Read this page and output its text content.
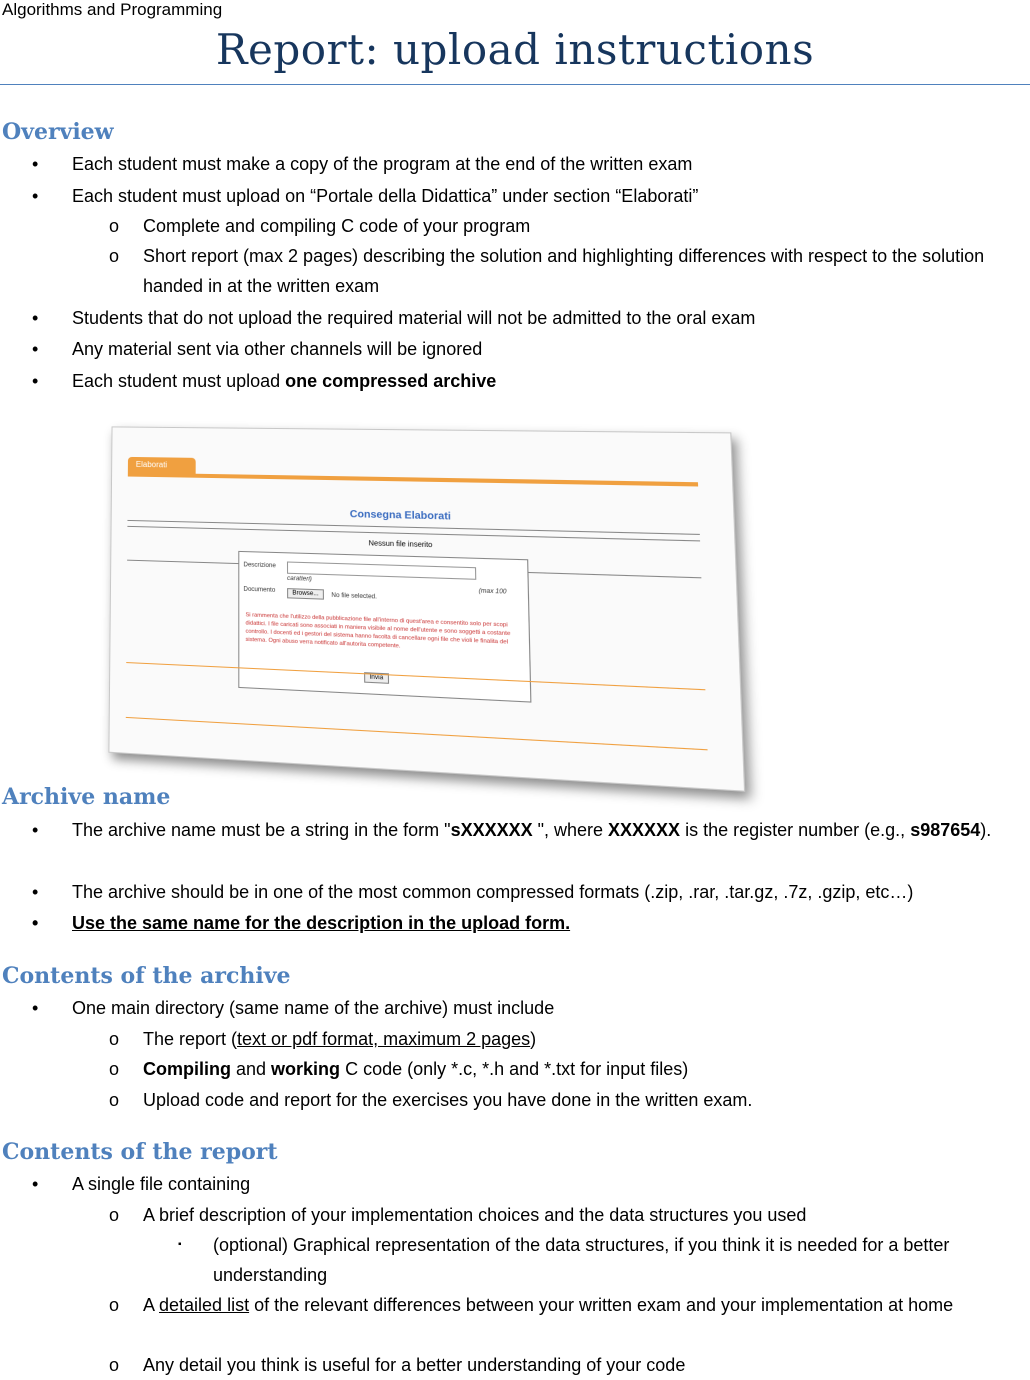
Algorithms and Programming
Report: upload instructions
Overview
•	Each student must make a copy of the program at the end of the written exam
•	Each student must upload on “Portale della Didattica” under section “Elaborati”
o	Complete and compiling C code of your program
o	Short report (max 2 pages) describing the solution and highlighting differences with respect to the solution handed in at the written exam
•	Students that do not upload the required material will not be admitted to the oral exam
•	Any material sent via other channels will be ignored
•	Each student must upload one compressed archive
Elaborati
Consegna Elaborati
Nessun file inserito
Descrizione
(max 100
caratteri)
Documento
Browse...	No file selected.
Si rammenta che l'utilizzo della pubblicazione file all'interno di quest'area e consentito solo per scopi didattici. I file caricati sono associati in maniera visibile al nome dell'utente e sono soggetti a costante controllo. I docenti ed i gestori del sistema hanno facolta di cancellare ogni file che violi le finalita del sistema. Ogni abuso verra notificato all'autorita competente.
Invia
Archive name
•	The archive name must be a string in the form "sXXXXXX ", where XXXXXX is the register number (e.g., s987654).
•	The archive should be in one of the most common compressed formats (.zip, .rar, .tar.gz, .7z, .gzip, etc…)
•	Use the same name for the description in the upload form.
Contents of the archive
•	One main directory (same name of the archive) must include
o	The report (text or pdf format, maximum 2 pages)
o	Compiling and working C code (only *.c, *.h and *.txt for input files)
o	Upload code and report for the exercises you have done in the written exam.
Contents of the report
•	A single file containing
o	A brief description of your implementation choices and the data structures you used
▪	(optional) Graphical representation of the data structures, if you think it is needed for a better understanding
o	A detailed list of the relevant differences between your written exam and your implementation at home
o	Any detail you think is useful for a better understanding of your code
